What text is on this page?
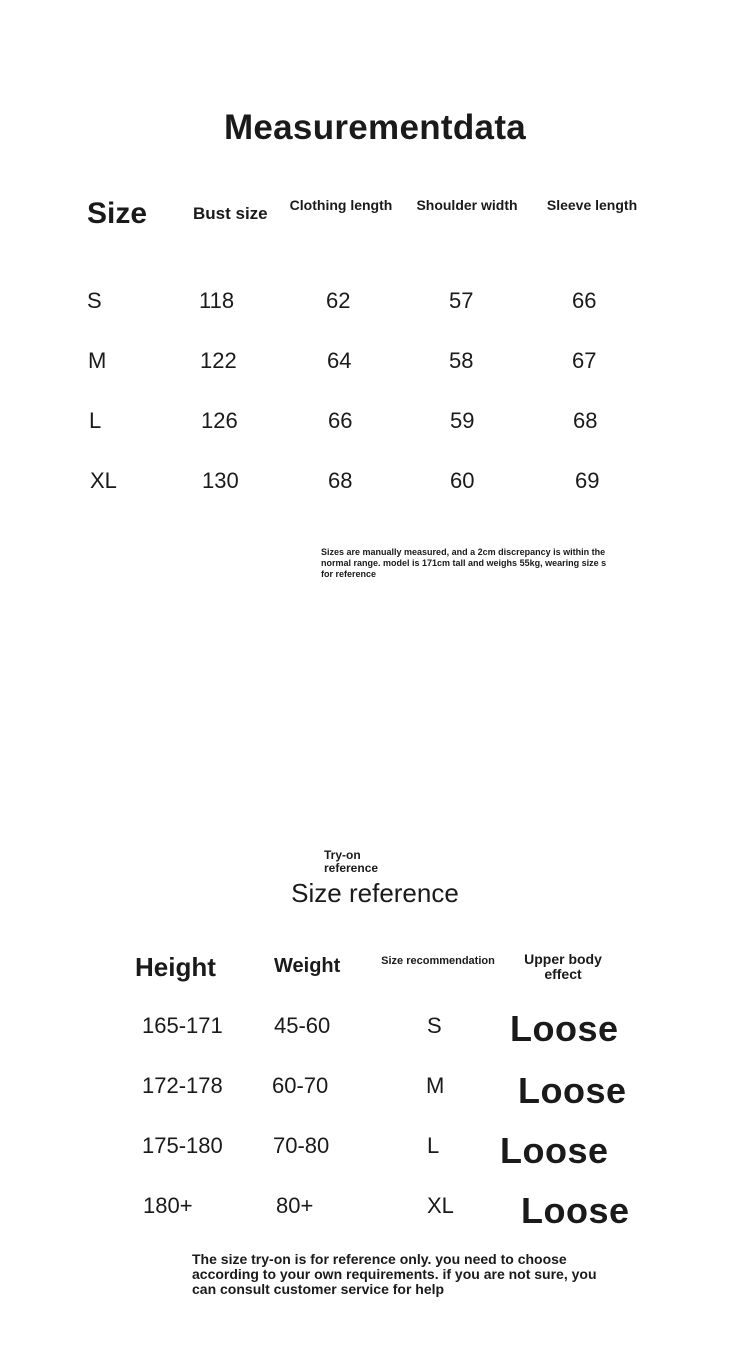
Measurementdata
Size	Bust size	Clothing length	Shoulder width	Sleeve length
S	118	62	57	66
M	122	64	58	67
L	126	66	59	68
XL	130	68	60	69
Sizes are manually measured, and a 2cm discrepancy is within the normal range. model is 171cm tall and weighs 55kg, wearing size s for reference
Try-on reference
Size reference
Height	Weight	Size recommendation	Upper body effect
165-171 45-60	S Loose
172-178 60-70	M Loose
175-180 70-80	L Loose
180+	80+	XL Loose
The size try-on is for reference only. you need to choose according to your own requirements. if you are not sure, you can consult customer service for help
